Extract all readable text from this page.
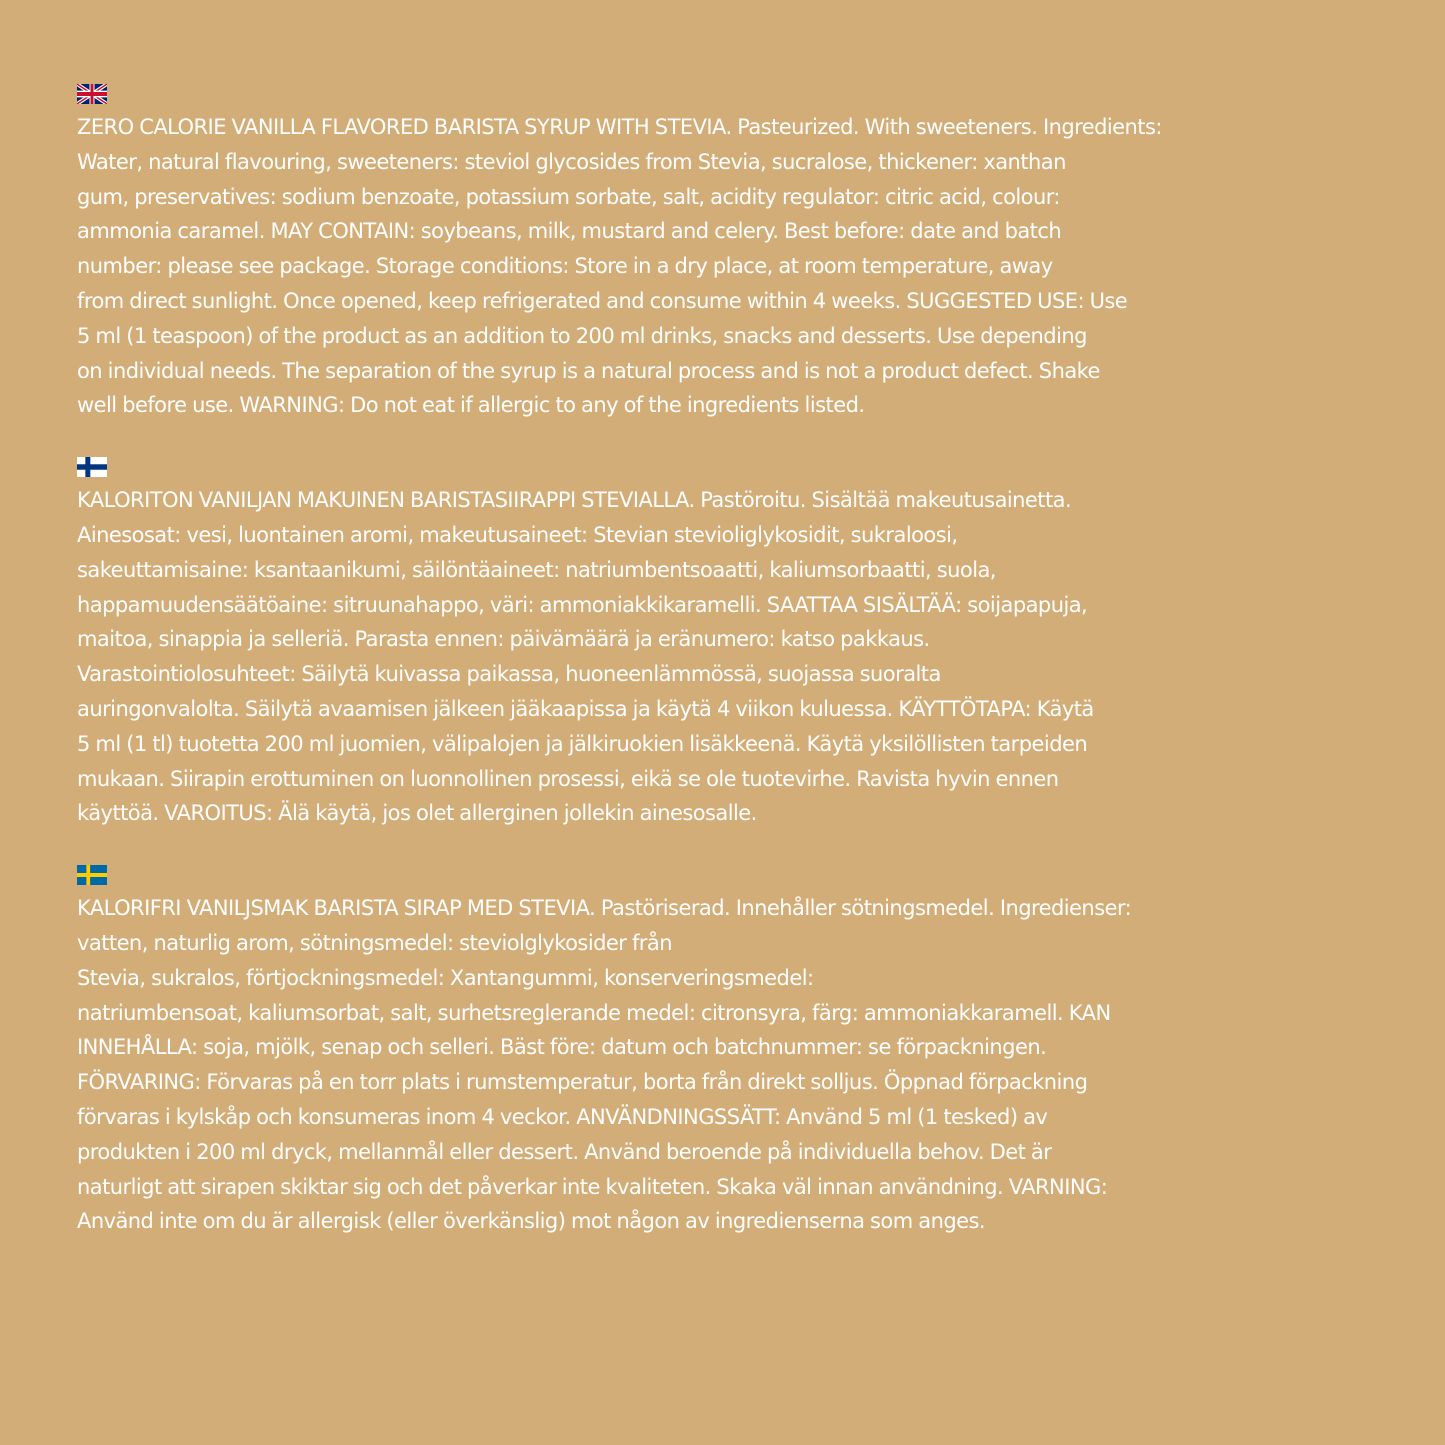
ZERO CALORIE VANILLA FLAVORED BARISTA SYRUP WITH STEVIA. Pasteurized. With sweeteners. Ingredients:
Water, natural flavouring, sweeteners: steviol glycosides from Stevia, sucralose, thickener: xanthan
gum, preservatives: sodium benzoate, potassium sorbate, salt, acidity regulator: citric acid, colour:
ammonia caramel. MAY CONTAIN: soybeans, milk, mustard and celery. Best before: date and batch
number: please see package. Storage conditions: Store in a dry place, at room temperature, away
from direct sunlight. Once opened, keep refrigerated and consume within 4 weeks. SUGGESTED USE: Use
5 ml (1 teaspoon) of the product as an addition to 200 ml drinks, snacks and desserts. Use depending
on individual needs. The separation of the syrup is a natural process and is not a product defect. Shake
well before use. WARNING: Do not eat if allergic to any of the ingredients listed.

KALORITON VANILJAN MAKUINEN BARISTASIIRAPPI STEVIALLA. Pastöroitu. Sisältää makeutusainetta.
Ainesosat: vesi, luontainen aromi, makeutusaineet: Stevian stevioliglykosidit, sukraloosi,
sakeuttamisaine: ksantaanikumi, säilöntäaineet: natriumbentsoaatti, kaliumsorbaatti, suola,
happamuudensäätöaine: sitruunahappo, väri: ammoniakkikaramelli. SAATTAA SISÄLTÄÄ: soijapapuja,
maitoa, sinappia ja selleriä. Parasta ennen: päivämäärä ja eränumero: katso pakkaus.
Varastointiolosuhteet: Säilytä kuivassa paikassa, huoneenlämmössä, suojassa suoralta
auringonvalolta. Säilytä avaamisen jälkeen jääkaapissa ja käytä 4 viikon kuluessa. KÄYTTÖTAPA: Käytä
5 ml (1 tl) tuotetta 200 ml juomien, välipalojen ja jälkiruokien lisäkkeenä. Käytä yksilöllisten tarpeiden
mukaan. Siirapin erottuminen on luonnollinen prosessi, eikä se ole tuotevirhe. Ravista hyvin ennen
käyttöä. VAROITUS: Älä käytä, jos olet allerginen jollekin ainesosalle.

KALORIFRI VANILJSMAK BARISTA SIRAP MED STEVIA. Pastöriserad. Innehåller sötningsmedel. Ingredienser:
vatten, naturlig arom, sötningsmedel: steviolglykosider från
Stevia, sukralos, förtjockningsmedel: Xantangummi, konserveringsmedel:
natriumbensoat, kaliumsorbat, salt, surhetsreglerande medel: citronsyra, färg: ammoniakkaramell. KAN
INNEHÅLLA: soja, mjölk, senap och selleri. Bäst före: datum och batchnummer: se förpackningen.
FÖRVARING: Förvaras på en torr plats i rumstemperatur, borta från direkt solljus. Öppnad förpackning
förvaras i kylskåp och konsumeras inom 4 veckor. ANVÄNDNINGSSÄTT: Använd 5 ml (1 tesked) av
produkten i 200 ml dryck, mellanmål eller dessert. Använd beroende på individuella behov. Det är
naturligt att sirapen skiktar sig och det påverkar inte kvaliteten. Skaka väl innan användning. VARNING:
Använd inte om du är allergisk (eller överkänslig) mot någon av ingredienserna som anges.
